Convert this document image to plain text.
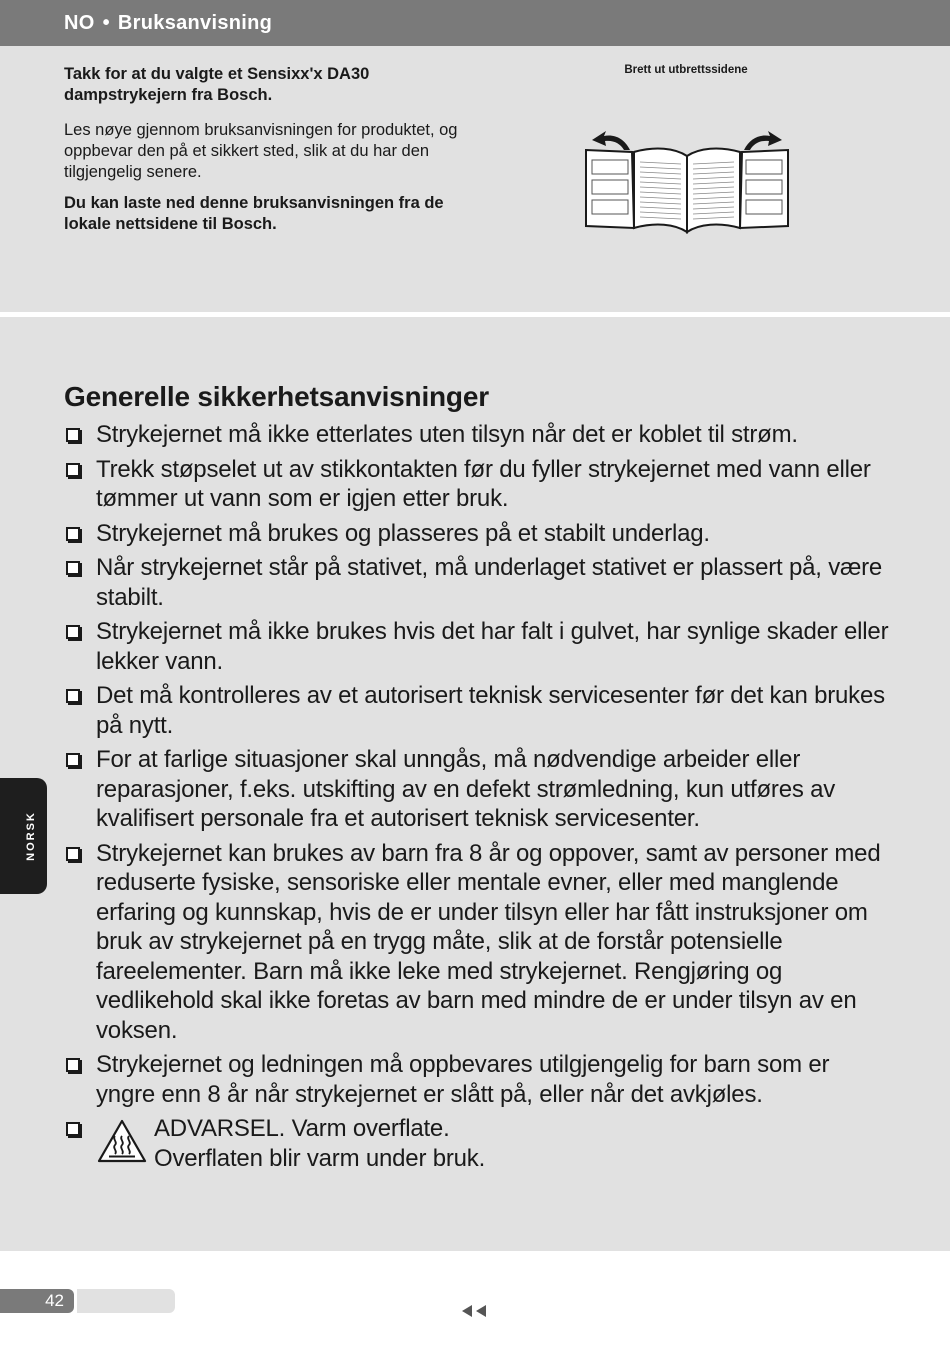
NO • Bruksanvisning

Takk for at du valgte et Sensixx'x DA30 dampstrykejern fra Bosch.

Les nøye gjennom bruksanvisningen for produktet, og oppbevar den på et sikkert sted, slik at du har den tilgjengelig senere.

Du kan laste ned denne bruksanvisningen fra de lokale nettsidene til Bosch.

Brett ut utbrettssidene
Generelle sikkerhetsanvisninger
Strykejernet må ikke etterlates uten tilsyn når det er koblet til strøm.
Trekk støpselet ut av stikkontakten før du fyller strykejernet med vann eller tømmer ut vann som er igjen etter bruk.
Strykejernet må brukes og plasseres på et stabilt underlag.
Når strykejernet står på stativet, må underlaget stativet er plassert på, være stabilt.
Strykejernet må ikke brukes hvis det har falt i gulvet, har synlige skader eller lekker vann.
Det må kontrolleres av et autorisert teknisk servicesenter før det kan brukes på nytt.
For at farlige situasjoner skal unngås, må nødvendige arbeider eller reparasjoner, f.eks. utskifting av en defekt strømledning, kun utføres av kvalifisert personale fra et autorisert teknisk servicesenter.
Strykejernet kan brukes av barn fra 8 år og oppover, samt av personer med reduserte fysiske, sensoriske eller mentale evner, eller med manglende erfaring og kunnskap, hvis de er under tilsyn eller har fått instruksjoner om bruk av strykejernet på en trygg måte, slik at de forstår potensielle fareelementer. Barn må ikke leke med strykejernet. Rengjøring og vedlikehold skal ikke foretas av barn med mindre de er under tilsyn av en voksen.
Strykejernet og ledningen må oppbevares utilgjengelig for barn som er yngre enn 8 år når strykejernet er slått på, eller når det avkjøles.
ADVARSEL. Varm overflate.
Overflaten blir varm under bruk.
NORSK
42
